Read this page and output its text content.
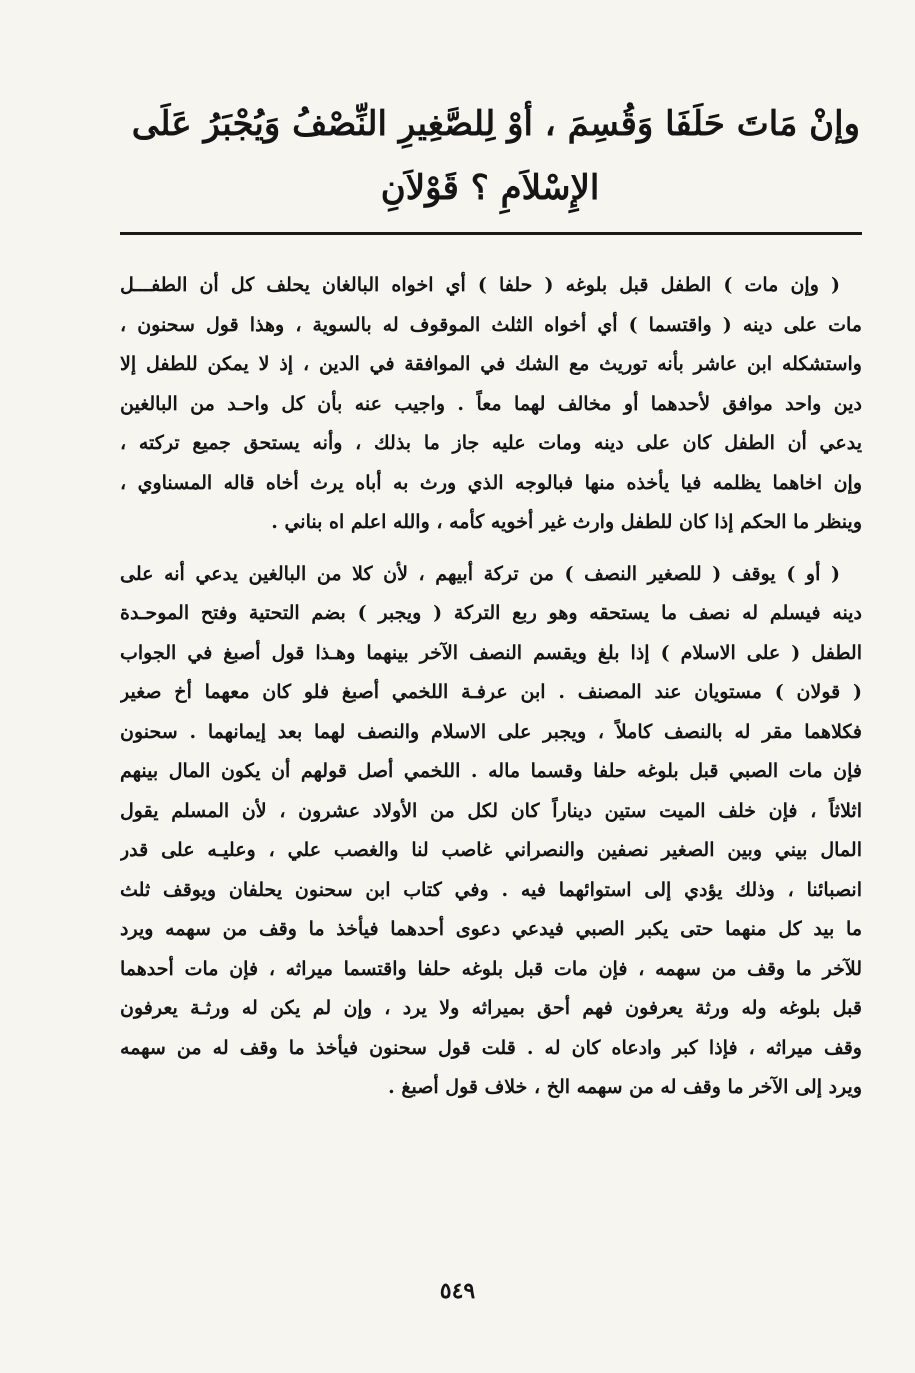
وإنْ مَاتَ حَلَفَا وَقُسِمَ ، أوْ لِلصَّغِيرِ النِّصْفُ وَيُجْبَرُ عَلَى
الإِسْلاَمِ ؟ قَوْلاَنِ
( وإن مات ) الطفل قبل بلوغه ( حلفا ) أي اخواه البالغان يحلف كل أن الطفـــل
مات على دينه ( واقتسما ) أي أخواه الثلث الموقوف له بالسوية ، وهذا قول سحنون ،
واستشكله ابن عاشر بأنه توريث مع الشك في الموافقة في الدين ، إذ لا يمكن للطفل إلا
دين واحد موافق لأحدهما أو مخالف لهما معاً . واجيب عنه بأن كل واحـد من البالغين
يدعي أن الطفل كان على دينه ومات عليه جاز ما بذلك ، وأنه يستحق جميع تركته ،
وإن اخاهما يظلمه فيا يأخذه منها فبالوجه الذي ورث به أباه يرث أخاه قاله المسناوي ،
وينظر ما الحكم إذا كان للطفل وارث غير أخويه كأمه ، والله اعلم اه بناني .
( أو ) يوقف ( للصغير النصف ) من تركة أبيهم ، لأن كلا من البالغين يدعي أنه على
دينه فيسلم له نصف ما يستحقه وهو ربع التركة ( ويجبر ) بضم التحتية وفتح الموحـدة
الطفل ( على الاسلام ) إذا بلغ ويقسم النصف الآخر بينهما وهـذا قول أصبغ في الجواب
( قولان ) مستويان عند المصنف . ابن عرفـة اللخمي أصبغ فلو كان معهما أخ صغير
فكلاهما مقر له بالنصف كاملاً ، ويجبر على الاسلام والنصف لهما بعد إيمانهما . سحنون
فإن مات الصبي قبل بلوغه حلفا وقسما ماله . اللخمي أصل قولهم أن يكون المال بينهم
اثلاثاً ، فإن خلف الميت ستين ديناراً كان لكل من الأولاد عشرون ، لأن المسلم يقول
المال بيني وبين الصغير نصفين والنصراني غاصب لنا والغصب علي ، وعليـه على قدر
انصبائنا ، وذلك يؤدي إلى استوائهما فيه . وفي كتاب ابن سحنون يحلفان ويوقف ثلث
ما بيد كل منهما حتى يكبر الصبي فيدعي دعوى أحدهما فيأخذ ما وقف من سهمه ويرد
للآخر ما وقف من سهمه ، فإن مات قبل بلوغه حلفا واقتسما ميراثه ، فإن مات أحدهما
قبل بلوغه وله ورثة يعرفون فهم أحق بميراثه ولا يرد ، وإن لم يكن له ورثـة يعرفون
وقف ميراثه ، فإذا كبر وادعاه كان له . قلت قول سحنون فيأخذ ما وقف له من سهمه
ويرد إلى الآخر ما وقف له من سهمه الخ ، خلاف قول أصبغ .
٥٤٩
